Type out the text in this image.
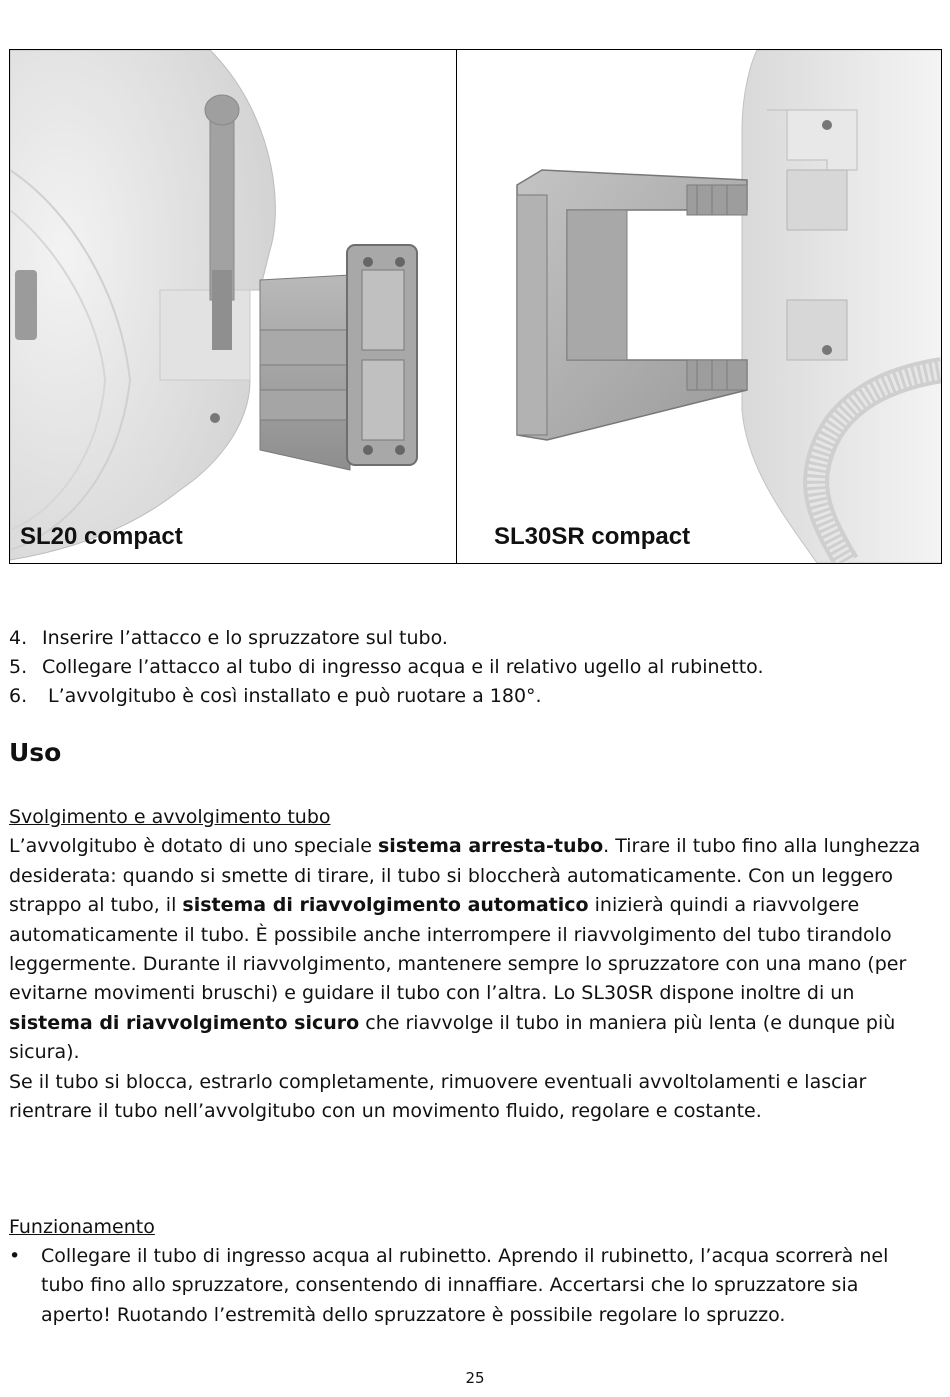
SL20 compact	SL30SR compact
4. Inserire l’attacco e lo spruzzatore sul tubo.
5. Collegare l’attacco al tubo di ingresso acqua e il relativo ugello al rubinetto.
6. L’avvolgitubo è così installato e può ruotare a 180°.
Uso
Svolgimento e avvolgimento tubo
L’avvolgitubo è dotato di uno speciale sistema arresta-tubo. Tirare il tubo fino alla lunghezza desiderata: quando si smette di tirare, il tubo si bloccherà automaticamente. Con un leggero strappo al tubo, il sistema di riavvolgimento automatico inizierà quindi a riavvolgere automaticamente il tubo. È possibile anche interrompere il riavvolgimento del tubo tirandolo leggermente. Durante il riavvolgimento, mantenere sempre lo spruzzatore con una mano (per evitarne movimenti bruschi) e guidare il tubo con l’altra. Lo SL30SR dispone inoltre di un sistema di riavvolgimento sicuro che riavvolge il tubo in maniera più lenta (e dunque più sicura).
Se il tubo si blocca, estrarlo completamente, rimuovere eventuali avvoltolamenti e lasciar rientrare il tubo nell’avvolgitubo con un movimento fluido, regolare e costante.
Funzionamento
• Collegare il tubo di ingresso acqua al rubinetto. Aprendo il rubinetto, l’acqua scorrerà nel tubo fino allo spruzzatore, consentendo di innaffiare. Accertarsi che lo spruzzatore sia aperto! Ruotando l’estremità dello spruzzatore è possibile regolare lo spruzzo.
25
